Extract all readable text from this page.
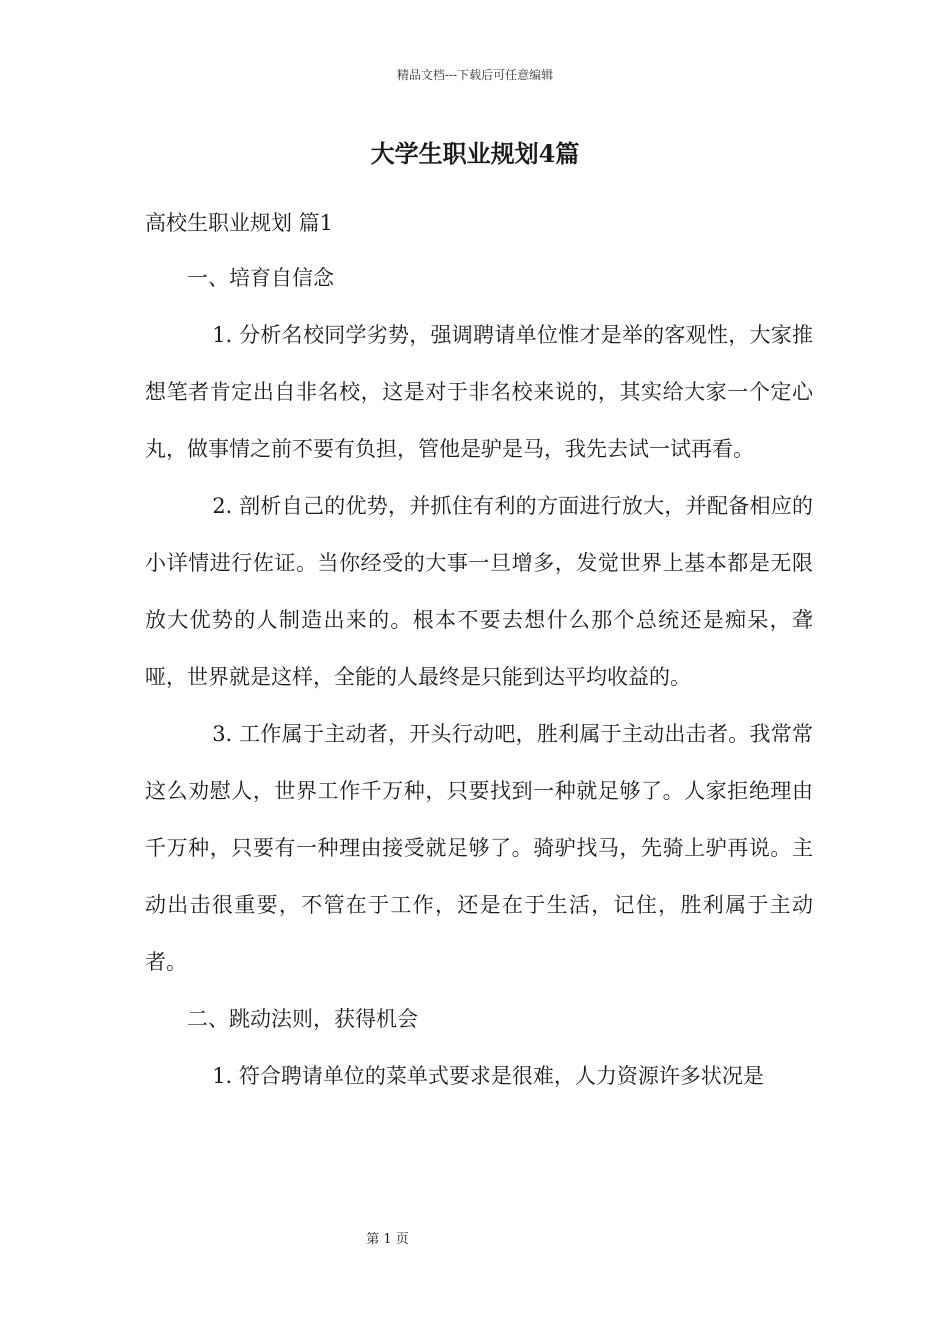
精品文档---下载后可任意编辑
大学生职业规划4篇
高校生职业规划 篇1

一、培育自信念

1. 分析名校同学劣势，强调聘请单位惟才是举的客观性，大家推想笔者肯定出自非名校，这是对于非名校来说的，其实给大家一个定心丸，做事情之前不要有负担，管他是驴是马，我先去试一试再看。

2. 剖析自己的优势，并抓住有利的方面进行放大，并配备相应的小详情进行佐证。当你经受的大事一旦增多，发觉世界上基本都是无限放大优势的人制造出来的。根本不要去想什么那个总统还是痴呆，聋哑，世界就是这样，全能的人最终是只能到达平均收益的。

3. 工作属于主动者，开头行动吧，胜利属于主动出击者。我常常这么劝慰人，世界工作千万种，只要找到一种就足够了。人家拒绝理由千万种，只要有一种理由接受就足够了。骑驴找马，先骑上驴再说。主动出击很重要，不管在于工作，还是在于生活，记住，胜利属于主动者。

二、跳动法则，获得机会

1. 符合聘请单位的菜单式要求是很难，人力资源许多状况是

第 1 页
